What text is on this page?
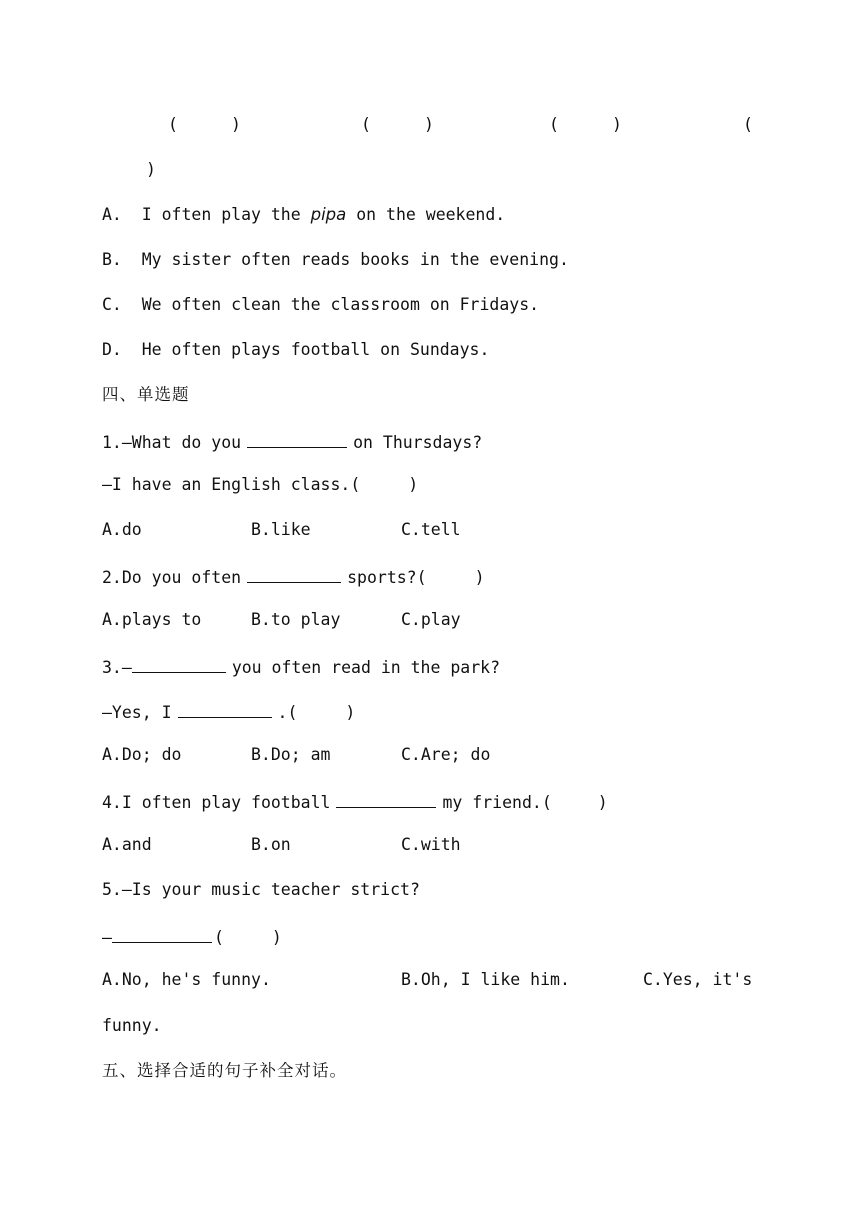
(	)	(	)	(	)	(
)
A.  I often play the pipa on the weekend.
B.  My sister often reads books in the evening.
C.  We often clean the classroom on Fridays.
D.  He often plays football on Sundays.
四、单选题
1.—What do you	on Thursdays?
—I have an English class.(	)
A.do	B.like	C.tell
2.Do you often	sports?(	)
A.plays to	B.to play	C.play
3.—	you often read in the park?
—Yes, I	.(	)
A.Do; do	B.Do; am	C.Are; do
4.I often play football	my friend.(	)
A.and	B.on	C.with
5.—Is your music teacher strict?
—	(	)
A.No, he's funny.	B.Oh, I like him.	C.Yes, it's
funny.
五、选择合适的句子补全对话。
